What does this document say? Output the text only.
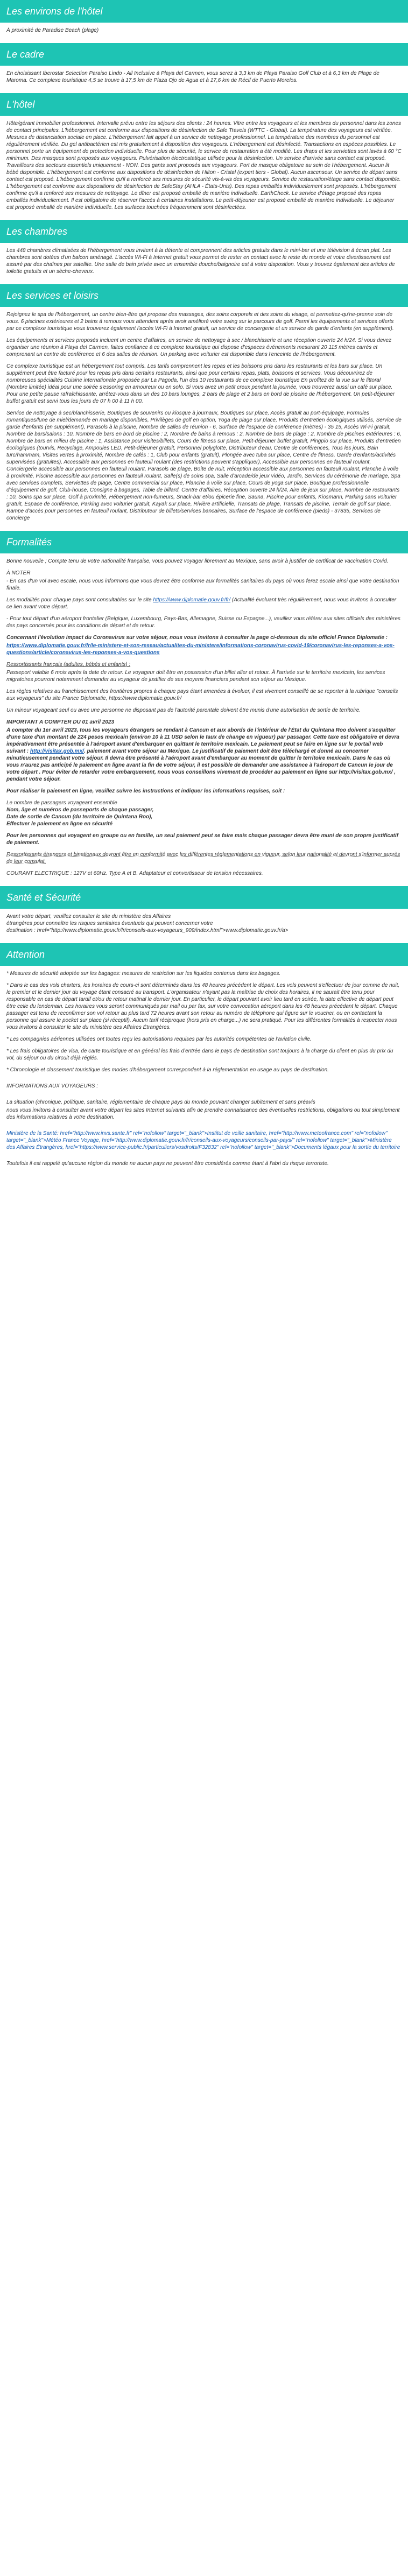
Les environs de l'hôtel

À proximité de Paradise Beach (plage)

Le cadre

En choisissant Iberostar Selection Paraiso Lindo - All Inclusive à Playa del Carmen, vous serez à 3,3 km de Playa Paraiso Golf Club et à 6,3 km de Plage de Maroma. Ce complexe touristique 4,5 se trouve à 17,5 km de Plaza Ojo de Agua et à 17,6 km de Récif de Puerto Morelos.

L'hôtel

Hôte/gérant immobilier professionnel. Intervalle prévu entre les séjours des clients : 24 heures. Vitre entre les voyageurs et les membres du personnel dans les zones de contact principales. L'hébergement est conforme aux dispositions de désinfection de Safe Travels (WTTC - Global). La température des voyageurs est vérifiée. Mesures de distanciation sociale en place. L'hébergement fait appel à un service de nettoyage professionnel. La température des membres du personnel est régulièrement vérifiée. Du gel antibactérien est mis gratuitement à disposition des voyageurs. L'hébergement est désinfecté. Transactions en espèces possibles. Le personnel porte un équipement de protection individuelle. Pour plus de sécurité, le service de restauration a été modifié. Les draps et les serviettes sont lavés à 60 °C minimum. Des masques sont proposés aux voyageurs. Pulvérisation électrostatique utilisée pour la désinfection. Un service d'arrivée sans contact est proposé. Travailleurs des secteurs essentiels uniquement - NON. Des gants sont proposés aux voyageurs. Port de masque obligatoire au sein de l'hébergement. Aucun lit bébé disponible. L'hébergement est conforme aux dispositions de désinfection de Hilton - Cristal (expert tiers - Global). Aucun ascenseur. Un service de départ sans contact est proposé. L'hébergement confirme qu'il a renforcé ses mesures de sécurité vis-à-vis des voyageurs. Service de restauration/étage sans contact disponible. L'hébergement est conforme aux dispositions de désinfection de SafeStay (AHLA - États-Unis). Des repas emballés individuellement sont proposés. L'hébergement confirme qu'il a renforcé ses mesures de nettoyage. Le dîner est proposé emballé de manière individuelle. EarthCheck. Le service d'étage proposé des repas emballés individuellement. Il est obligatoire de réserver l'accès à certaines installations. Le petit-déjeuner est proposé emballé de manière individuelle. Le déjeuner est proposé emballé de manière individuelle. Les surfaces touchées fréquemment sont désinfectées.

Les chambres

Les 448 chambres climatisées de l'hébergement vous invitent à la détente et comprennent des articles gratuits dans le mini-bar et une télévision à écran plat. Les chambres sont dotées d'un balcon aménagé. L'accès Wi-Fi à Internet gratuit vous permet de rester en contact avec le reste du monde et votre divertissement est assuré par des chaînes par satellite. Une salle de bain privée avec un ensemble douche/baignoire est à votre disposition. Vous y trouvez également des articles de toilette gratuits et un sèche-cheveux.

Les services et loisirs

Rejoignez le spa de l'hébergement, un centre bien-être qui propose des massages, des soins corporels et des soins du visage, et permettez-qu'ne-prenne soin de vous. 6 piscines extérieures et 2 bains à remous vous attendent après avoir amélioré votre swing sur le parcours de golf. Parmi les équipements et services offerts par ce complexe touristique vous trouverez également l'accès Wi-Fi à Internet gratuit, un service de conciergerie et un service de garde d'enfants (en supplément).

Les équipements et services proposés incluent un centre d'affaires, un service de nettoyage à sec / blanchisserie et une réception ouverte 24 h/24. Si vous devez organiser une réunion à Playa del Carmen, faites confiance à ce complexe touristique qui dispose d'espaces événements mesurant 20 115 mètres carrés et comprenant un centre de conférence et 6 des salles de réunion. Un parking avec voiturier est disponible dans l'enceinte de l'hébergement.

Ce complexe touristique est un hébergement tout compris. Les tarifs comprennent les repas et les boissons pris dans les restaurants et les bars sur place. Un supplément peut être facturé pour les repas pris dans certains restaurants, ainsi que pour certains repas, plats, boissons et services. Vous découvrirez de nombreuses spécialités Cuisine internationale proposée par La Pagoda, l'un des 10 restaurants de ce complexe touristique En profitez de la vue sur le littoral (Nombre limitée) idéal pour une soirée s'essoring en amoureux ou en solo. Si vous avez un petit creux pendant la journée, vous trouverez aussi un café sur place. Pour une petite pause rafraîchissante, arrêtez-vous dans un des 10 bars lounges, 2 bars de plage et 2 bars en bord de piscine de l'hébergement. Un petit-déjeuner buffet gratuit est servi tous les jours de 07 h 00 à 11 h 00.

Service de nettoyage à sec/blanchisserie, Boutiques de souvenirs ou kiosque à journaux, Boutiques sur place, Accès gratuit au port-équipage, Formules romantiques/lune de miel/demande en mariage disponibles, Privilèges de golf en option, Yoga de plage sur place, Produits d'entretien écologiques utilisés, Service de garde d'enfants (en supplément), Parasols à la piscine, Nombre de salles de réunion - 6, Surface de l'espace de conférence (mètres) - 35 15, Accès Wi-Fi gratuit, Nombre de bars/salons : 10, Nombre de bars en bord de piscine : 2, Nombre de bains à remous : 2, Nombre de bars de plage : 2, Nombre de piscines extérieures : 6, Nombre de bars en milieu de piscine : 1, Assistance pour visites/billets, Cours de fitness sur place, Petit-déjeuner buffet gratuit, Pingpio sur place, Produits d'entretien écologiques (tourvis, Recyclage, Ampoules LED, Petit-déjeuner gratuit, Personnel polyglotte, Distributeur d'eau, Centre de conférences, Tous les jours, Bain turc/hammam, Visites vertes à proximité, Nombre de cafés : 1, Club pour enfants (gratuit), Plongée avec tuba sur place, Centre de fitness, Garde d'enfants/activités supervisées (gratuites), Accessible aux personnes en fauteuil roulant (des restrictions peuvent s'appliquer), Accessible aux personnes en fauteuil roulant, Conciergerie accessible aux personnes en fauteuil roulant, Parasols de plage, Boîte de nuit, Réception accessible aux personnes en fauteuil roulant, Planche à voile à proximité, Piscine accessible aux personnes en fauteuil roulant, Salle(s) de soins spa, Salle d'arcade/de jeux vidéo, Jardin, Services du cérémonie de mariage, Spa avec services complets, Serviettes de plage, Centre commercial sur place, Planche à voile sur place, Cours de yoga sur place, Boutique professionnelle d'équipement de golf, Club-house, Consigne à bagages, Table de billard, Centre d'affaires, Réception ouverte 24 h/24, Aire de jeux sur place, Nombre de restaurants : 10, Soins spa sur place, Golf à proximité, Hébergement non-fumeurs, Snack-bar et/ou épicerie fine, Sauna, Piscine pour enfants, Kiosmann, Parking sans voiturier gratuit, Espace de conférence, Parking avec voiturier gratuit, Kayak sur place, Rivière artificielle, Transats de plage, Transats de piscine, Terrain de golf sur place, Rampe d'accès pour personnes en fauteuil roulant, Distributeur de billets/services bancaires, Surface de l'espace de conférence (pieds) - 37835, Services de concierge

Formalités

Bonne nouvelle ; Compte tenu de votre nationalité française, vous pouvez voyager librement au Mexique, sans avoir à justifier de certificat de vaccination Covid.

À NOTER

- En cas d'un vol avec escale, nous vous informons que vous devrez être conforme aux formalités sanitaires du pays où vous ferez escale ainsi que votre destination finale.

Les modalités pour chaque pays sont consultables sur le site https://www.diplomatie.gouv.fr/fr/ (Actualité évoluant très régulièrement, nous vous invitons à consulter ce lien avant votre départ.

- Pour tout départ d'un aéroport frontalier (Belgique, Luxembourg, Pays-Bas, Allemagne, Suisse ou Espagne...), veuillez vous référer aux sites officiels des ministères des pays concernés pour les conditions de départ et de retour.

Concernant l'évolution impact du Coronavirus sur votre séjour, nous vous invitons à consulter la page ci-dessous du site officiel France Diplomatie :

https://www.diplomatie.gouv.fr/fr/le-ministere-et-son-reseau/actualites-du-ministere/informations-coronavirus-covid-19/coronavirus-les-reponses-a-vos-questions/article/coronavirus-les-reponses-a-vos-questions

Ressortissants français (adultes, bébés et enfants) :

Passeport valable 6 mois après la date de retour. Le voyageur doit être en possession d'un billet aller et retour. À l'arrivée sur le territoire mexicain, les services migratoires pourront notamment demander au voyageur de justifier de ses moyens financiers pendant son séjour au Mexique.

Les règles relatives au franchissement des frontières propres à chaque pays étant amenées à évoluer, il est vivement conseillé de se reporter à la rubrique "conseils aux voyageurs" du site France Diplomatie, https://www.diplomatie.gouv.fr/

Un mineur voyageant seul ou avec une personne ne disposant pas de l'autorité parentale doivent être munis d'une autorisation de sortie de territoire.

IMPORTANT A COMPTER DU 01 avril 2023

À compter du 1er avril 2023, tous les voyageurs étrangers se rendant à Cancun et aux abords de l'intérieur de l'État du Quintana Roo doivent s'acquitter d'une taxe d'un montant de 224 pesos mexicain (environ 10 à 11 USD selon le taux de change en vigueur) par passager. Cette taxe est obligatoire et devra impérativement être présentée à l'aéroport avant d'embarquer en quittant le territoire mexicain. Le paiement peut se faire en ligne sur le portail web suivant : http://visitax.gob.mx/. paiement avant votre séjour au Mexique. Le justificatif de paiement doit être téléchargé et donné au concerner minutieusement pendant votre séjour. Il devra être présenté à l'aéroport avant d'embarquer au moment de quitter le territoire mexicain. Dans le cas où vous n'aurez pas anticipé le paiement en ligne avant la fin de votre séjour, il est possible de demander une assistance à l'aéroport de Cancun le jour de votre départ . Pour éviter de retarder votre embarquement, nous vous conseillons vivement de procéder au paiement en ligne sur http://visitax.gob.mx/ , pendant votre séjour.

Pour réaliser le paiement en ligne, veuillez suivre les instructions et indiquer les informations requises, soit :

Le nombre de passagers voyageant ensemble
Nom, âge et numéros de passeports de chaque passager,
Date de sortie de Cancun (du territoire de Quintana Roo),
Effectuer le paiement en ligne en sécurité

Pour les personnes qui voyagent en groupe ou en famille, un seul paiement peut se faire mais chaque passager devra être muni de son propre justificatif de paiement.

Ressortissants étrangers et binationaux devront être en conformité avec les différentes réglementations en vigueur, selon leur nationalité et devront s'informer auprès de leur consulat.

COURANT ELECTRIQUE : 127V et 60Hz. Type A et B. Adaptateur et convertisseur de tension nécessaires.

Santé et Sécurité

Avant votre départ, veuillez consulter le site du ministère des Affaires

étrangères pour connaître les risques sanitaires éventuels qui peuvent concerner votre

destination : href="http://www.diplomatie.gouv.fr/fr/conseils-aux-voyageurs_909/index.html">www.diplomatie.gouv.fr/a>

Attention

* Mesures de sécurité adoptée sur les bagages: mesures de restriction sur les liquides contenus dans les bagages.

* Dans le cas des vols charters, les horaires de cours-ci sont déterminés dans les 48 heures précédent le départ. Les vols peuvent s'effectuer de jour comme de nuit, le premier et le dernier jour du voyage étant consacré au transport. L'organisateur n'ayant pas la maîtrise du choix des horaires, il ne saurait être tenu pour responsable en cas de départ tardif et/ou de retour matinal le dernier jour. En particulier, le départ pouvant avoir lieu tard en soirée, la date effective de départ peut être celle du lendemain. Les horaires vous seront communiqués par mail ou par fax, sur votre convocation aéroport dans les 48 heures précédant le départ. Chaque passager est tenu de reconfirmer son vol retour au plus tard 72 heures avant son retour au numéro de téléphone qui figure sur le voucher, ou en contactant la personne qui assure le pocket sur place (si réceptif). Aucun tarif réciproque (hors pris en charge...) ne sera pratiqué. Pour les différentes formalités à respecter nous vous invitons à consulter le site du ministère des Affaires Étrangères.

* Les compagnies aériennes utilisées ont toutes reçu les autorisations requises par les autorités compétentes de l'aviation civile.

* Les frais obligatoires de visa, de carte touristique et en général les frais d'entrée dans le pays de destination sont toujours à la charge du client en plus du prix du vol, du séjour ou du circuit déjà réglés.

* Chronologie et classement touristique des modes d'hébergement correspondent à la réglementation en usage au pays de destination.

INFORMATIONS AUX VOYAGEURS :

La situation (chronique, politique, sanitaire, réglementaire de chaque pays du monde pouvant changer subitement et sans préavis

nous vous invitons à consulter avant votre départ les sites Internet suivants afin de prendre connaissance des éventuelles restrictions, obligations ou tout simplement des informations relatives à votre destination.

Ministère de la Santé: href="http://www.invs.sante.fr" rel="nofollow" target="_blank">Institut de veille sanitaire, href="http://www.meteofrance.com" rel="nofollow" target="_blank">Météo France Voyage, href="http://www.diplomatie.gouv.fr/fr/conseils-aux-voyageurs/conseils-par-pays/" rel="nofollow" target="_blank">Ministère des Affaires Étrangères, href="https://www.service-public.fr/particuliers/vosdroits/F32832" rel="nofollow" target="_blank">Documents légaux pour la sortie du territoire

Toutefois il est rappelé qu'aucune région du monde ne aucun pays ne peuvent être considérés comme étant à l'abri du risque terroriste.
